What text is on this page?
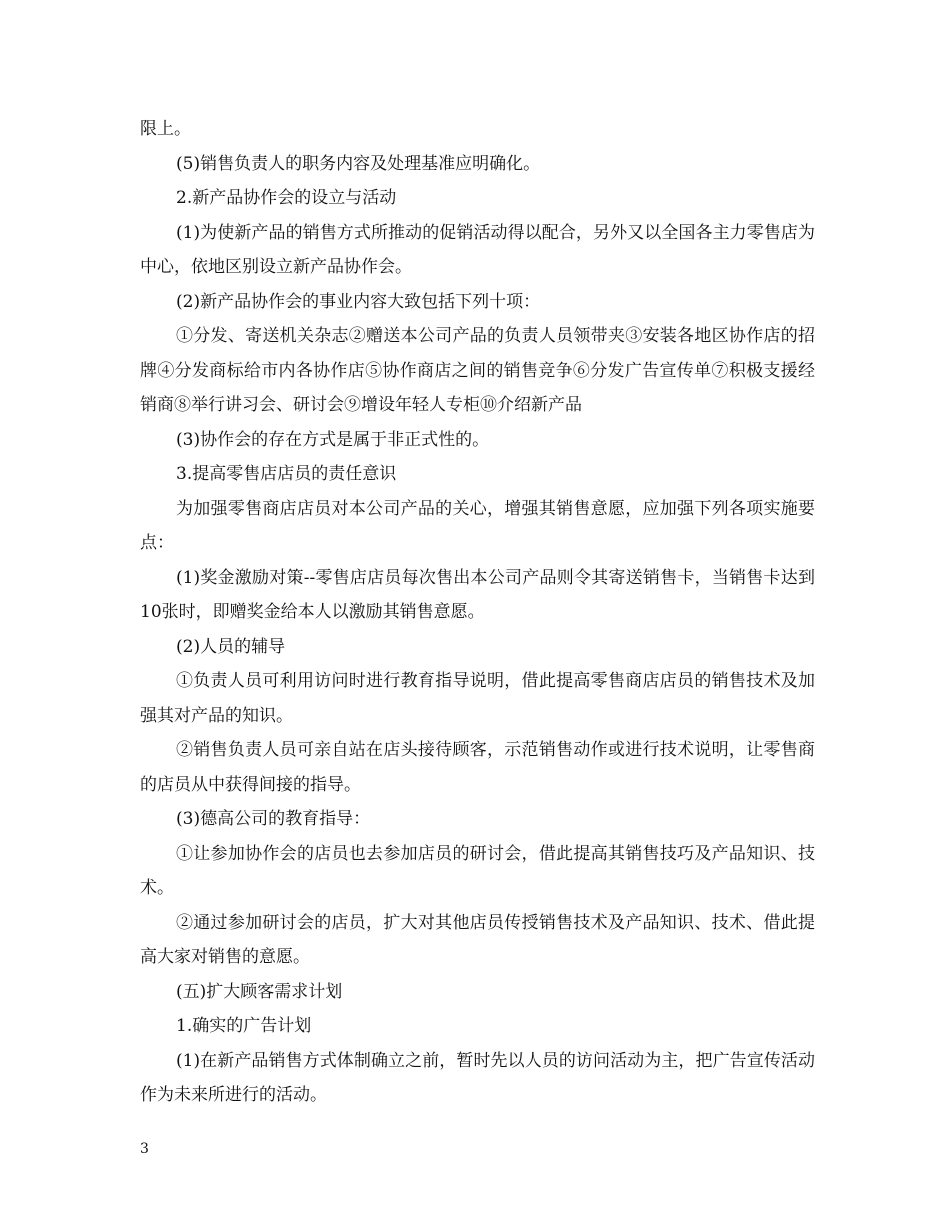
限上。

(5)销售负责人的职务内容及处理基准应明确化。

2.新产品协作会的设立与活动

(1)为使新产品的销售方式所推动的促销活动得以配合，另外又以全国各主力零售店为中心，依地区别设立新产品协作会。

(2)新产品协作会的事业内容大致包括下列十项：

①分发、寄送机关杂志②赠送本公司产品的负责人员领带夹③安装各地区协作店的招牌④分发商标给市内各协作店⑤协作商店之间的销售竞争⑥分发广告宣传单⑦积极支援经销商⑧举行讲习会、研讨会⑨增设年轻人专柜⑩介绍新产品

(3)协作会的存在方式是属于非正式性的。

3.提高零售店店员的责任意识

为加强零售商店店员对本公司产品的关心，增强其销售意愿，应加强下列各项实施要点：

(1)奖金激励对策--零售店店员每次售出本公司产品则令其寄送销售卡，当销售卡达到10张时，即赠奖金给本人以激励其销售意愿。

(2)人员的辅导

①负责人员可利用访问时进行教育指导说明，借此提高零售商店店员的销售技术及加强其对产品的知识。

②销售负责人员可亲自站在店头接待顾客，示范销售动作或进行技术说明，让零售商的店员从中获得间接的指导。

(3)德高公司的教育指导：

①让参加协作会的店员也去参加店员的研讨会，借此提高其销售技巧及产品知识、技术。

②通过参加研讨会的店员，扩大对其他店员传授销售技术及产品知识、技术、借此提高大家对销售的意愿。

(五)扩大顾客需求计划

1.确实的广告计划

(1)在新产品销售方式体制确立之前，暂时先以人员的访问活动为主，把广告宣传活动作为未来所进行的活动。

3
